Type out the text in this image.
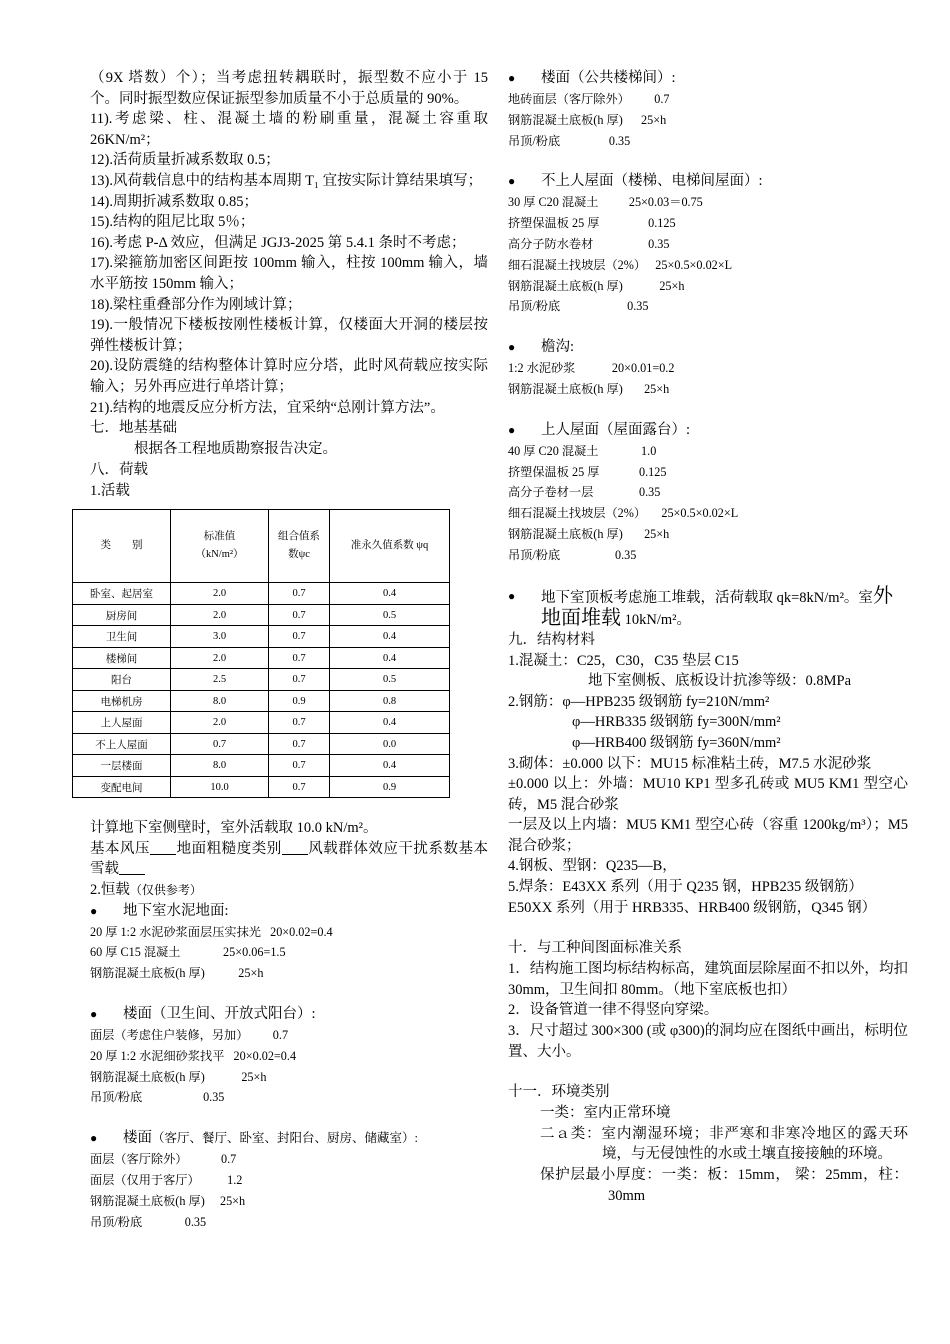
（9X 塔数）个）；当考虑扭转耦联时，振型数不应小于 15 个。同时振型数应保证振型参加质量不小于总质量的 90%。

11).考虑梁、柱、混凝土墙的粉刷重量，混凝土容重取 26KN/m²；

12).活荷质量折减系数取 0.5；

13).风荷载信息中的结构基本周期 T₁ 宜按实际计算结果填写；

14).周期折减系数取 0.85；

15).结构的阻尼比取 5％；

16).考虑 P-Δ 效应，但满足 JGJ3-2025 第 5.4.1 条时不考虑；

17).梁箍筋加密区间距按 100mm 输入，柱按 100mm 输入，墙水平筋按 150mm 输入；

18).梁柱重叠部分作为刚域计算；

19).一般情况下楼板按刚性楼板计算，仅楼面大开洞的楼层按弹性楼板计算；

20).设防震缝的结构整体计算时应分塔，此时风荷载应按实际输入；另外再应进行单塔计算；

21).结构的地震反应分析方法，宜采纳“总刚计算方法”。

七．地基基础

根据各工程地质勘察报告决定。

八．荷载

1.活载

类　　别	标准值（kN/m²）	组合值系数ψc	准永久值系数 ψq
卧室、起居室	2.0	0.7	0.4
厨房间	2.0	0.7	0.5
卫生间	3.0	0.7	0.4
楼梯间	2.0	0.7	0.4
阳台	2.5	0.7	0.5
电梯机房	8.0	0.9	0.8
上人屋面	2.0	0.7	0.4
不上人屋面	0.7	0.7	0.0
一层楼面	8.0	0.7	0.4
变配电间	10.0	0.7	0.9

计算地下室侧壁时，室外活载取 10.0 kN/m²。

基本风压 地面粗糙度类别 风载群体效应干扰系数基本雪载

2.恒载（仅供参考）

● 地下室水泥地面:

20 厚 1:2 水泥砂浆面层压实抹光   20×0.02=0.4

60 厚 C15 混凝土              25×0.06=1.5

钢筋混凝土底板(h 厚)           25×h

● 楼面（卫生间、开放式阳台）:

面层（考虑住户装修，另加）        0.7

20 厚 1:2 水泥细砂浆找平   20×0.02=0.4

钢筋混凝土底板(h 厚)            25×h

吊顶/粉底                    0.35

● 楼面（客厅、餐厅、卧室、封阳台、厨房、储藏室）:

面层（客厅除外）           0.7

面层（仅用于客厅）         1.2

钢筋混凝土底板(h 厚)     25×h

吊顶/粉底              0.35

● 楼面（公共楼梯间）:

地砖面层（客厅除外）        0.7

钢筋混凝土底板(h 厚)      25×h

吊顶/粉底                0.35

● 不上人屋面（楼梯、电梯间屋面）:

30 厚 C20 混凝土          25×0.03＝0.75

挤塑保温板 25 厚                0.125

高分子防水卷材                  0.35

细石混凝土找坡层（2%）   25×0.5×0.02×L

钢筋混凝土底板(h 厚)            25×h

吊顶/粉底                      0.35

● 檐沟:

1:2 水泥砂浆            20×0.01=0.2

钢筋混凝土底板(h 厚)       25×h

● 上人屋面（屋面露台）:

40 厚 C20 混凝土              1.0

挤塑保温板 25 厚             0.125

高分子卷材一层               0.35

细石混凝土找坡层（2%）     25×0.5×0.02×L

钢筋混凝土底板(h 厚)       25×h

吊顶/粉底                  0.35

● 地下室顶板考虑施工堆载，活荷载取 qk=8kN/m²。室外地面堆载 10kN/m²。

九．结构材料

1.混凝土：C25，C30，C35 垫层 C15

地下室侧板、底板设计抗渗等级：0.8MPa

2.钢筋：φ—HPB235 级钢筋 fy=210N/mm²

φ—HRB335 级钢筋 fy=300N/mm²

φ—HRB400 级钢筋 fy=360N/mm²

3.砌体：±0.000 以下：MU15 标准粘土砖，M7.5 水泥砂浆

±0.000 以上：外墙：MU10 KP1 型多孔砖或 MU5 KM1 型空心砖，M5 混合砂浆

一层及以上内墙：MU5 KM1 型空心砖（容重 1200kg/m³）；M5 混合砂浆；

4.钢板、型钢：Q235—B，

5.焊条：E43XX 系列（用于 Q235 钢，HPB235 级钢筋）

E50XX 系列（用于 HRB335、HRB400 级钢筋，Q345 钢）

十．与工种间图面标准关系

1．结构施工图均标结构标高，建筑面层除屋面不扣以外，均扣 30mm，卫生间扣 80mm。（地下室底板也扣）

2．设备管道一律不得竖向穿梁。

3．尺寸超过 300×300 (或 φ300)的洞均应在图纸中画出，标明位置、大小。

十一．环境类别

一类：室内正常环境

二ａ类：室内潮湿环境；非严寒和非寒冷地区的露天环境，与无侵蚀性的水或土壤直接接触的环境。

保护层最小厚度：一类：板：15mm， 梁：25mm，柱：30mm
